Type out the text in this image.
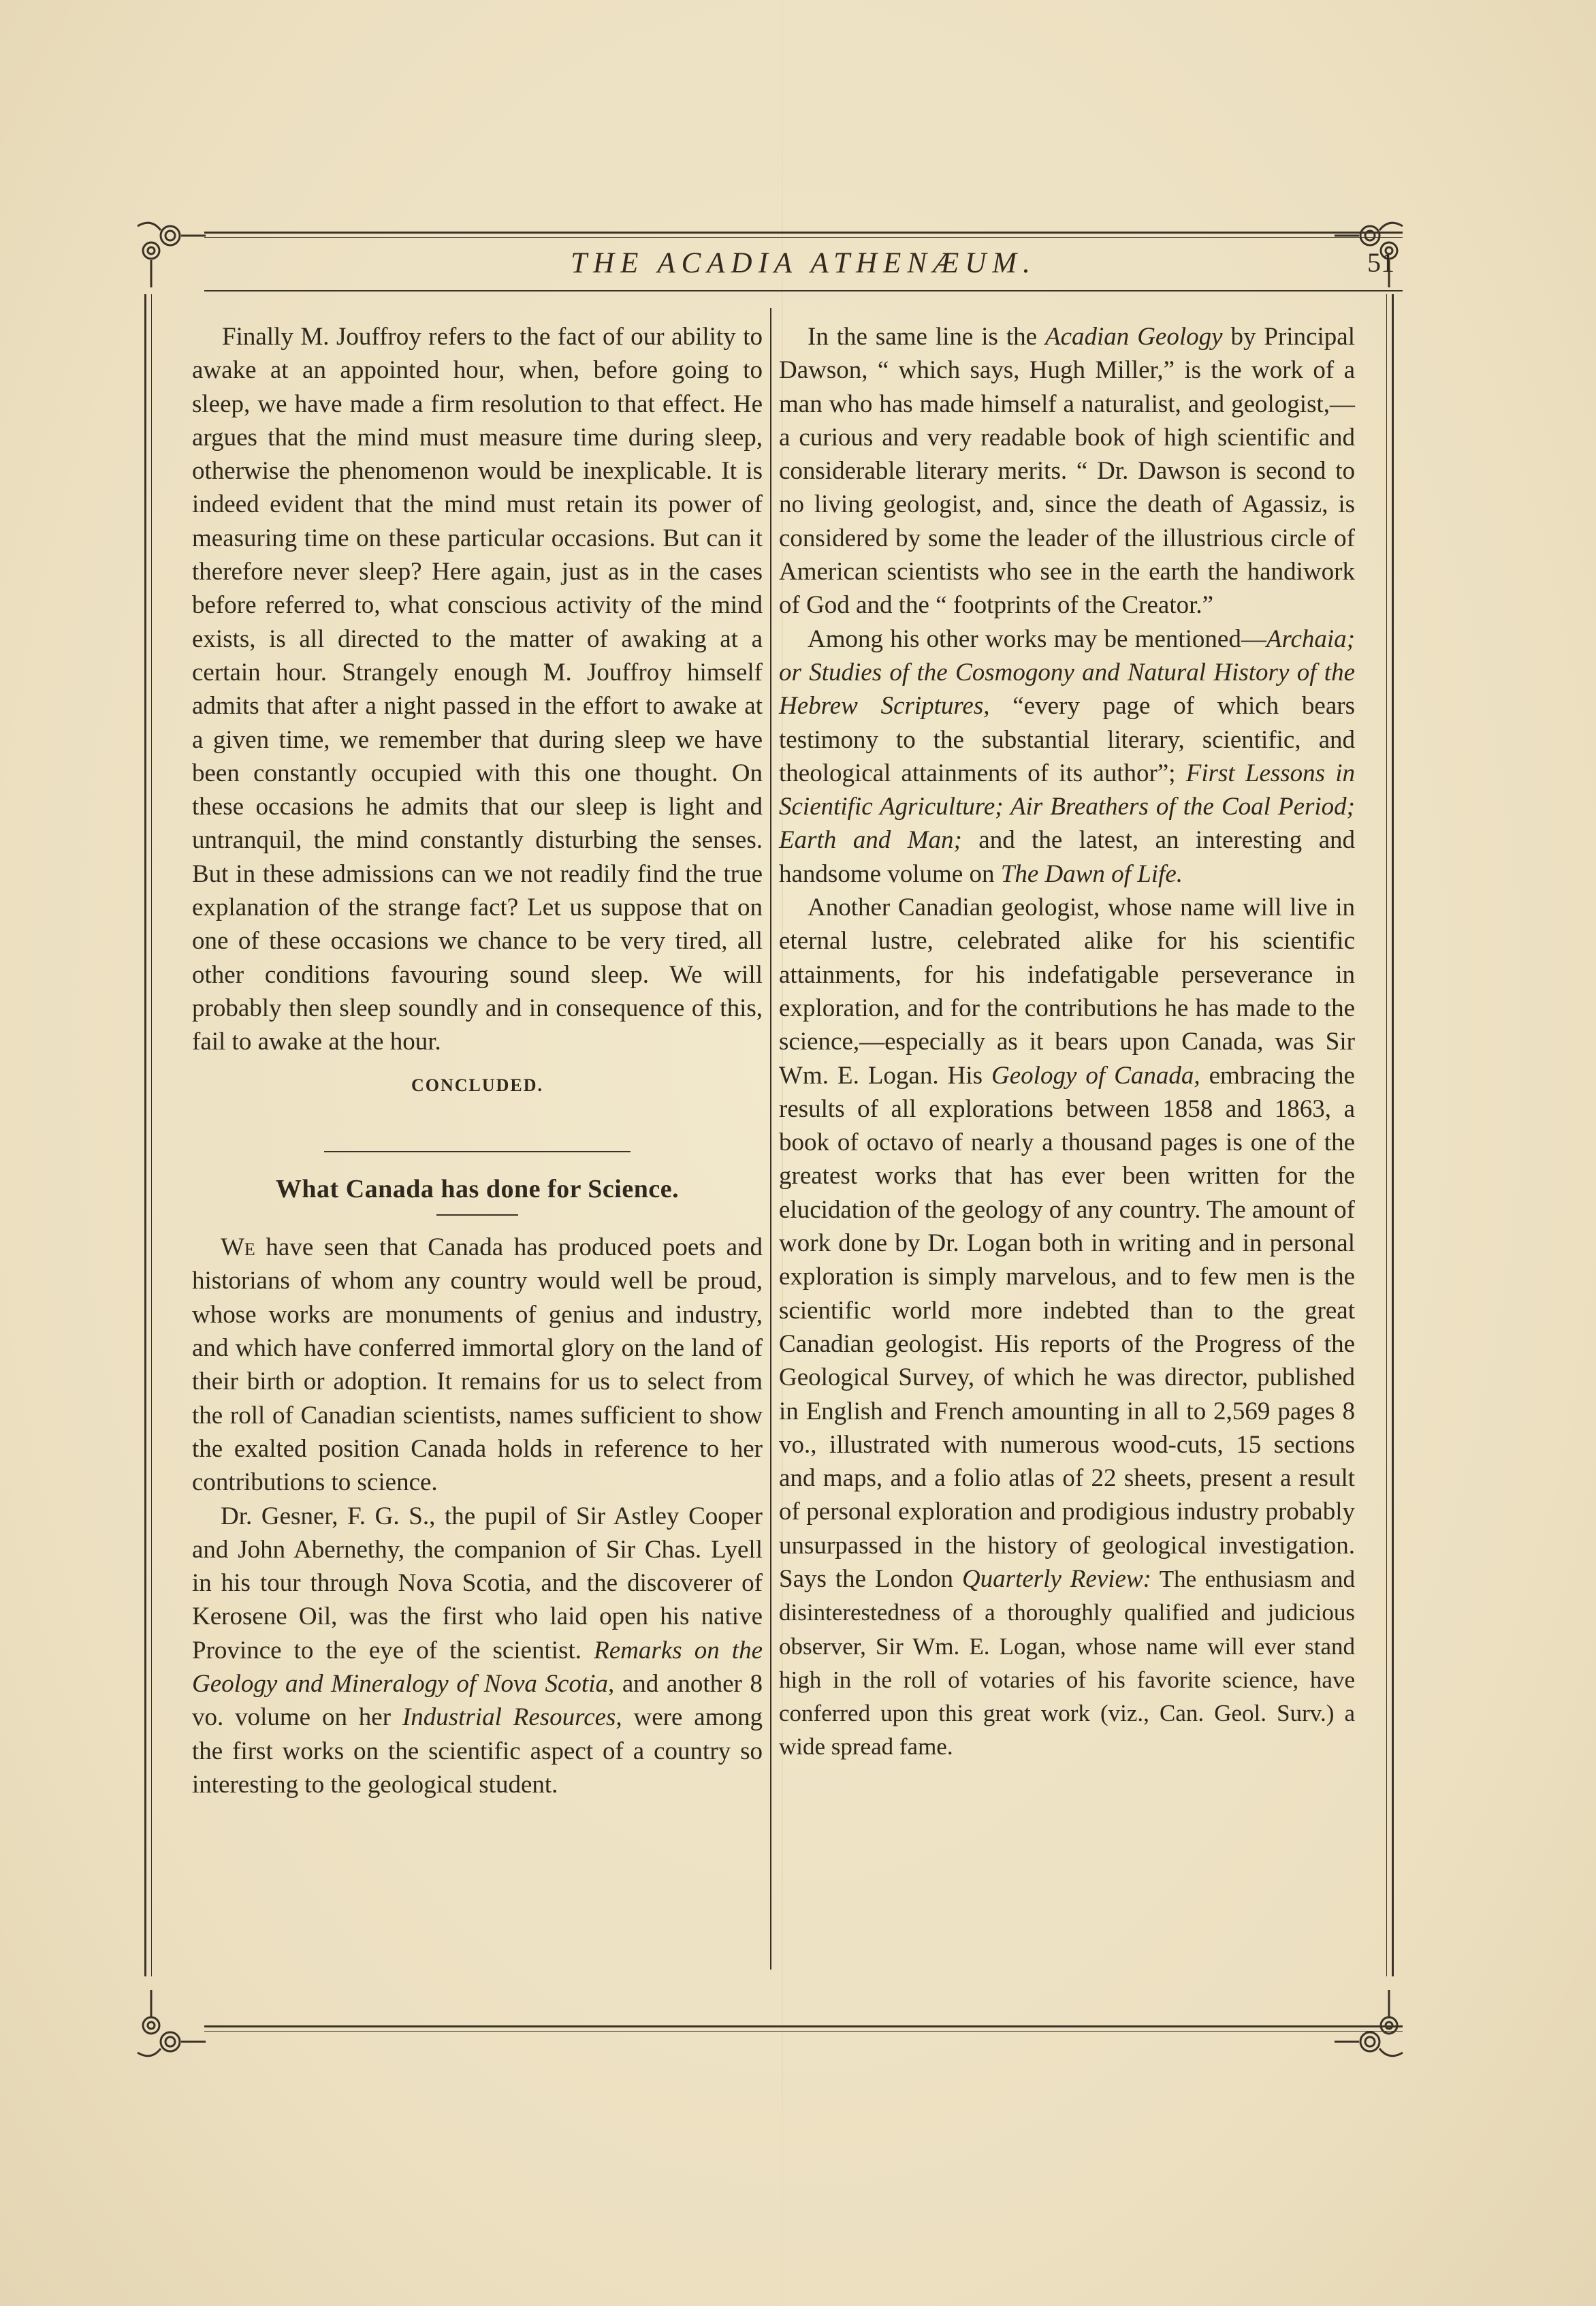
THE ACADIA ATHENÆUM.	51

Finally M. Jouffroy refers to the fact of our ability to awake at an appointed hour, when, before going to sleep, we have made a firm resolution to that effect. He argues that the mind must measure time during sleep, otherwise the phenomenon would be inexplicable. It is indeed evident that the mind must retain its power of measuring time on these particular occasions. But can it therefore never sleep? Here again, just as in the cases before referred to, what conscious activity of the mind exists, is all directed to the matter of awaking at a certain hour. Strangely enough M. Jouffroy himself admits that after a night passed in the effort to awake at a given time, we remember that during sleep we have been constantly occupied with this one thought. On these occasions he admits that our sleep is light and untranquil, the mind constantly disturbing the senses. But in these admissions can we not readily find the true explanation of the strange fact? Let us suppose that on one of these occasions we chance to be very tired, all other conditions favouring sound sleep. We will probably then sleep soundly and in consequence of this, fail to awake at the hour.

CONCLUDED.
What Canada has done for Science.

We have seen that Canada has produced poets and historians of whom any country would well be proud, whose works are monuments of genius and industry, and which have conferred immortal glory on the land of their birth or adoption. It remains for us to select from the roll of Canadian scientists, names sufficient to show the exalted position Canada holds in reference to her contributions to science.

Dr. Gesner, F. G. S., the pupil of Sir Astley Cooper and John Abernethy, the companion of Sir Chas. Lyell in his tour through Nova Scotia, and the discoverer of Kerosene Oil, was the first who laid open his native Province to the eye of the scientist. Remarks on the Geology and Mineralogy of Nova Scotia, and another 8 vo. volume on her Industrial Resources, were among the first works on the scientific aspect of a country so interesting to the geological student.

In the same line is the Acadian Geology by Principal Dawson, “ which says, Hugh Miller,” is the work of a man who has made himself a naturalist, and geologist,—a curious and very readable book of high scientific and considerable literary merits. “ Dr. Dawson is second to no living geologist, and, since the death of Agassiz, is considered by some the leader of the illustrious circle of American scientists who see in the earth the handiwork of God and the “ footprints of the Creator.”

Among his other works may be mentioned—Archaia; or Studies of the Cosmogony and Natural History of the Hebrew Scriptures, “every page of which bears testimony to the substantial literary, scientific, and theological attainments of its author”; First Lessons in Scientific Agriculture; Air Breathers of the Coal Period; Earth and Man; and the latest, an interesting and handsome volume on The Dawn of Life.

Another Canadian geologist, whose name will live in eternal lustre, celebrated alike for his scientific attainments, for his indefatigable perseverance in exploration, and for the contributions he has made to the science,—especially as it bears upon Canada, was Sir Wm. E. Logan. His Geology of Canada, embracing the results of all explorations between 1858 and 1863, a book of octavo of nearly a thousand pages is one of the greatest works that has ever been written for the elucidation of the geology of any country. The amount of work done by Dr. Logan both in writing and in personal exploration is simply marvelous, and to few men is the scientific world more indebted than to the great Canadian geologist. His reports of the Progress of the Geological Survey, of which he was director, published in English and French amounting in all to 2,569 pages 8 vo., illustrated with numerous wood-cuts, 15 sections and maps, and a folio atlas of 22 sheets, present a result of personal exploration and prodigious industry probably unsurpassed in the history of geological investigation. Says the London Quarterly Review: The enthusiasm and disinterestedness of a thoroughly qualified and judicious observer, Sir Wm. E. Logan, whose name will ever stand high in the roll of votaries of his favorite science, have conferred upon this great work (viz., Can. Geol. Surv.) a wide spread fame.
